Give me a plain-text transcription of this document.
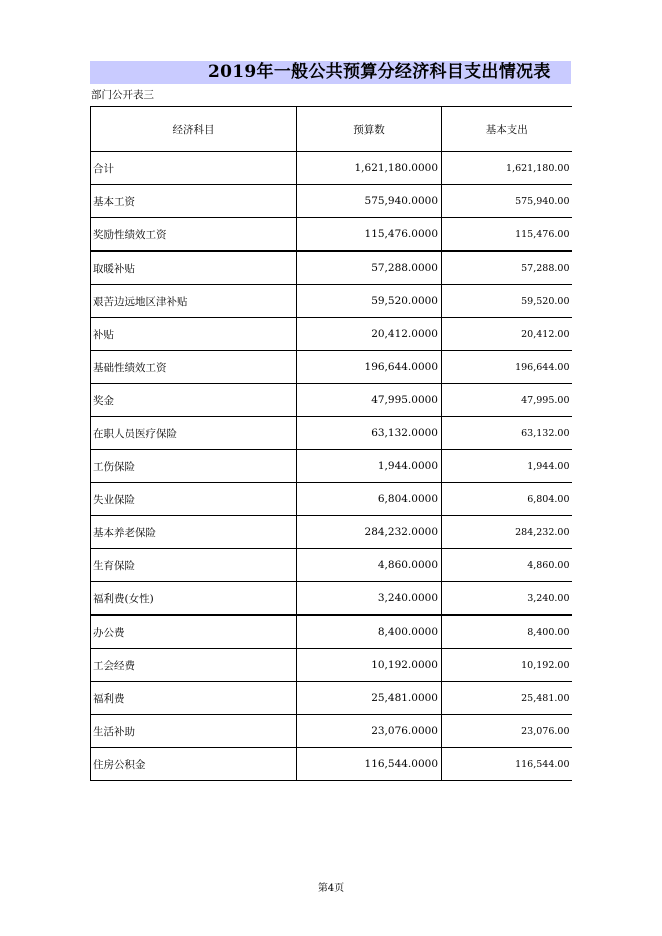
2019年一般公共预算分经济科目支出情况表
部门公开表三
经济科目	预算数	基本支出
合计	1,621,180.0000	1,621,180.00
基本工资	575,940.0000	575,940.00
奖励性绩效工资	115,476.0000	115,476.00
取暖补贴	57,288.0000	57,288.00
艰苦边远地区津补贴	59,520.0000	59,520.00
补贴	20,412.0000	20,412.00
基础性绩效工资	196,644.0000	196,644.00
奖金	47,995.0000	47,995.00
在职人员医疗保险	63,132.0000	63,132.00
工伤保险	1,944.0000	1,944.00
失业保险	6,804.0000	6,804.00
基本养老保险	284,232.0000	284,232.00
生育保险	4,860.0000	4,860.00
福利费(女性)	3,240.0000	3,240.00
办公费	8,400.0000	8,400.00
工会经费	10,192.0000	10,192.00
福利费	25,481.0000	25,481.00
生活补助	23,076.0000	23,076.00
住房公积金	116,544.0000	116,544.00
第4页
